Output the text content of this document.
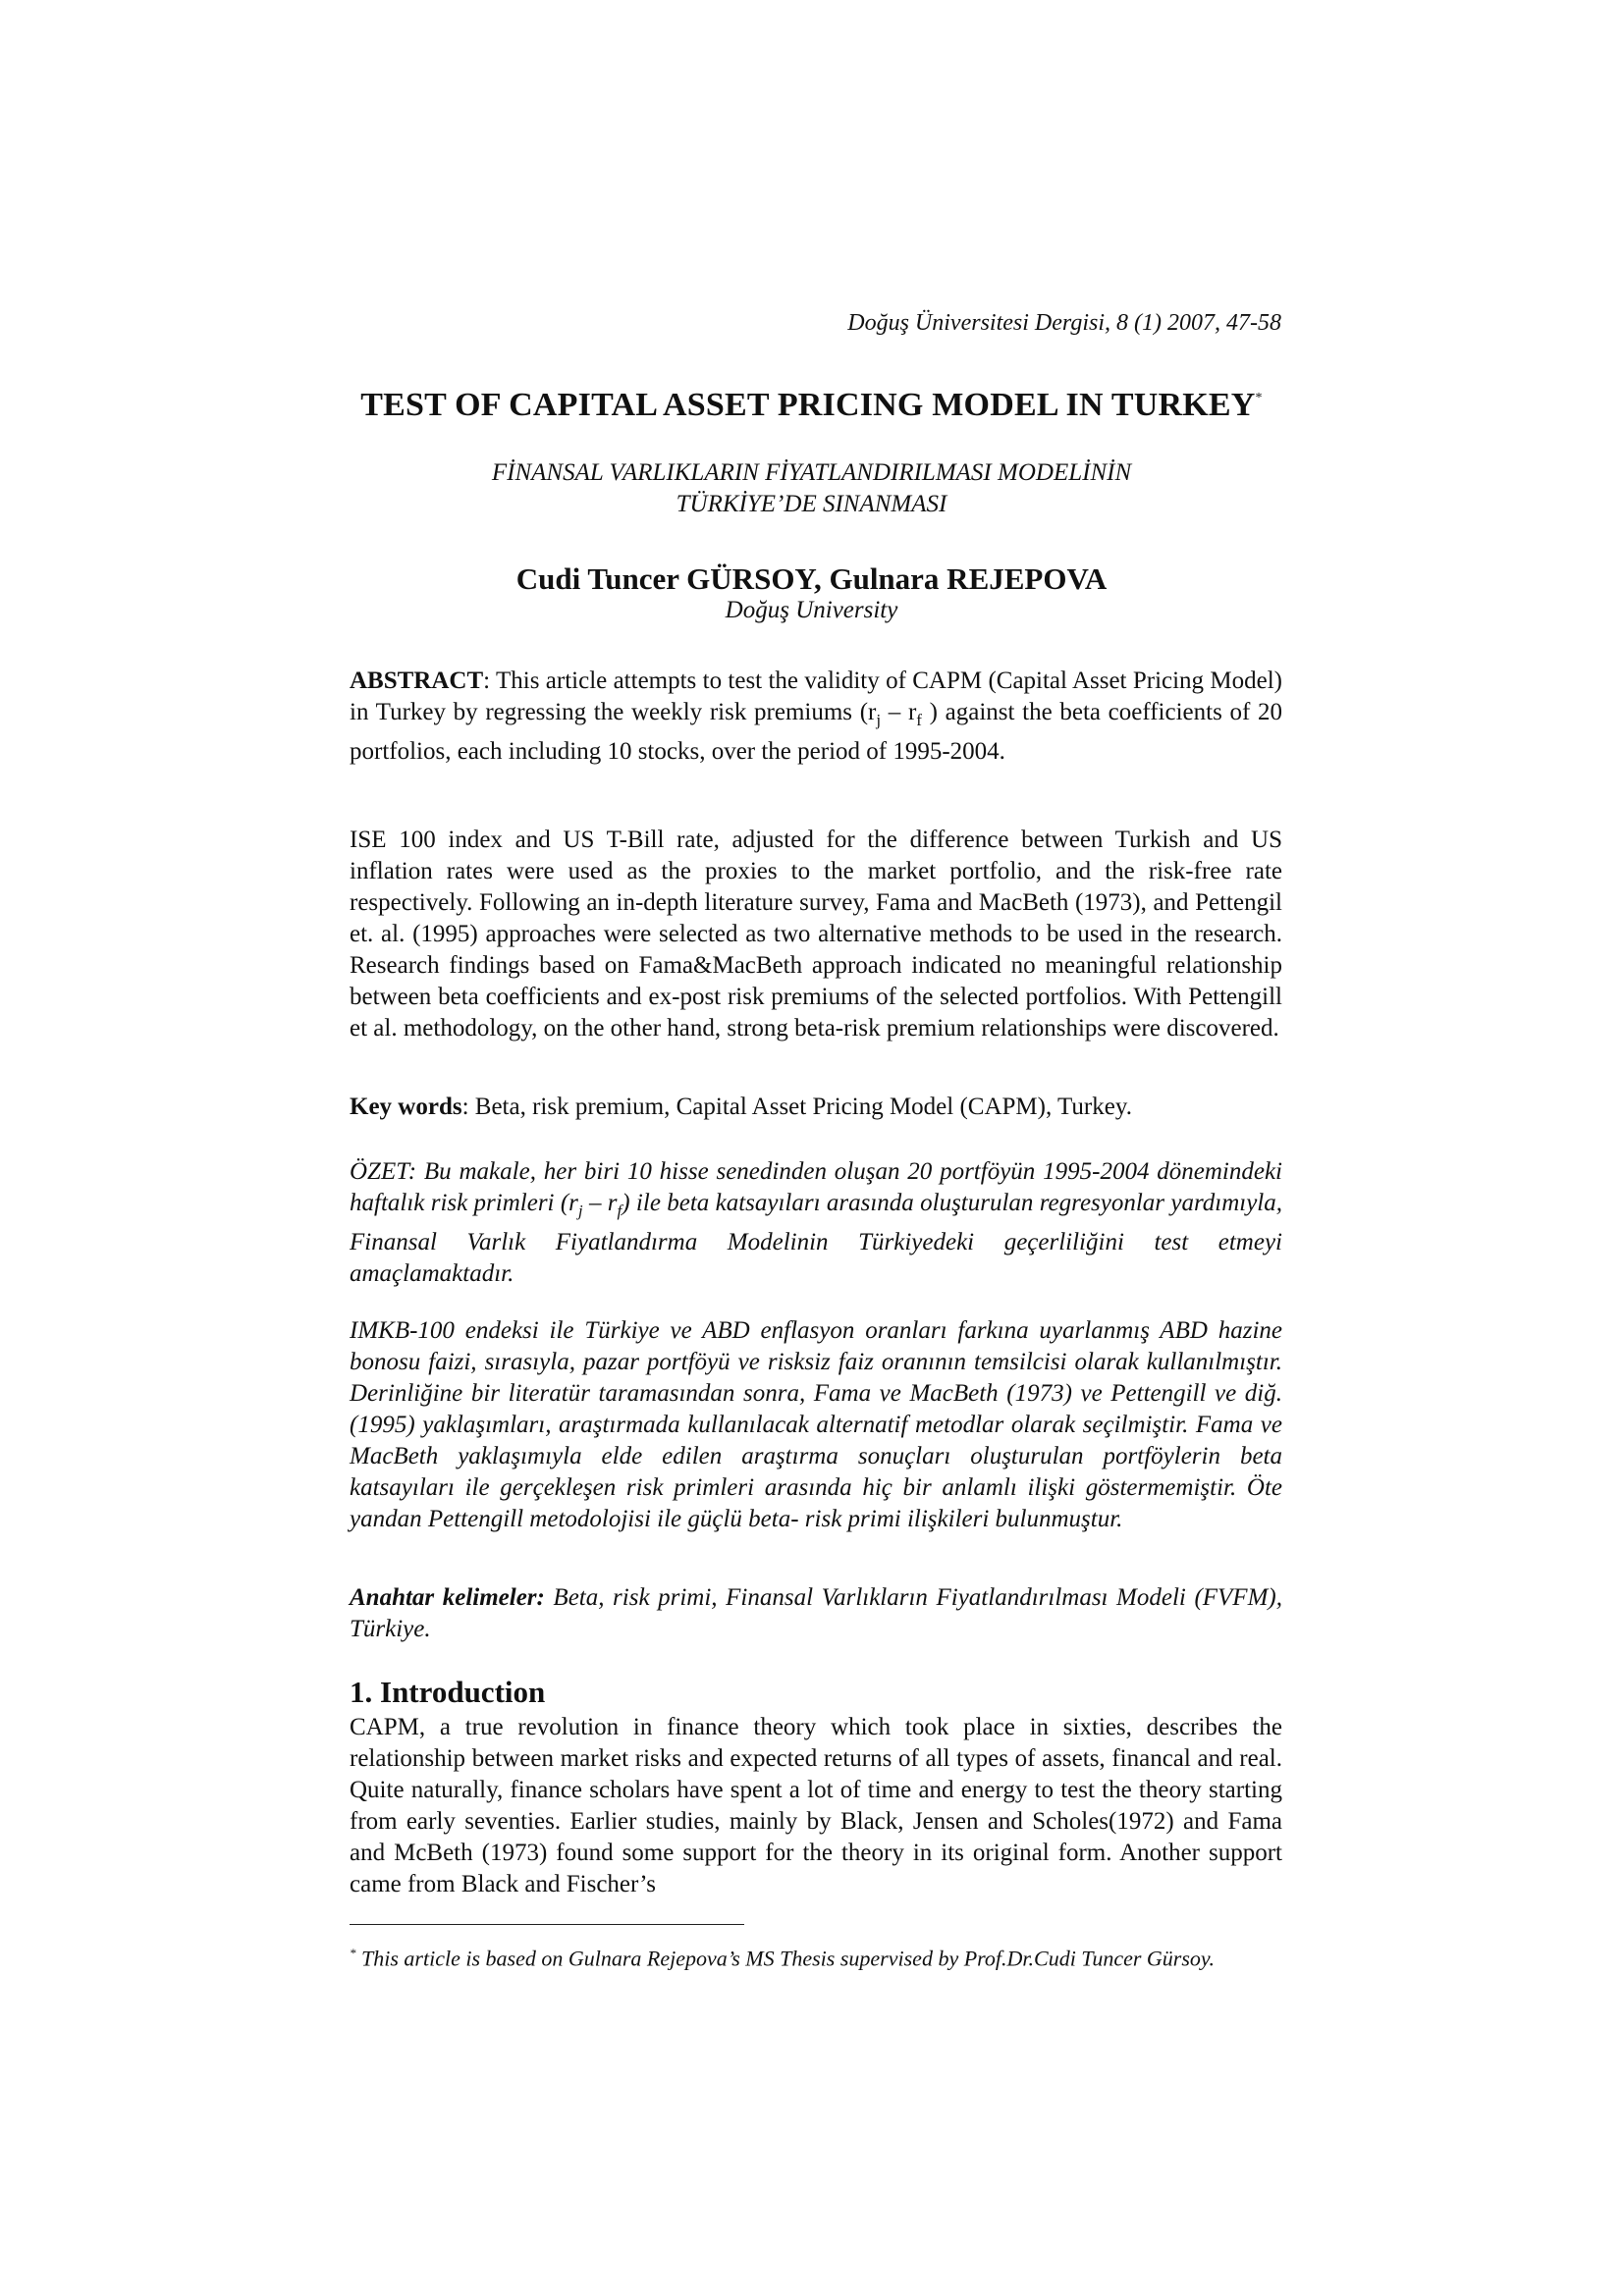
Doğuş Üniversitesi Dergisi, 8 (1) 2007, 47-58
TEST OF CAPITAL ASSET PRICING MODEL IN TURKEY*
FİNANSAL VARLIKLARIN FİYATLANDIRILMASI MODELİNİN
TÜRKİYE’DE SINANMASI
Cudi Tuncer GÜRSOY, Gulnara REJEPOVA
Doğuş University

ABSTRACT: This article attempts to test the validity of CAPM (Capital Asset Pricing Model) in Turkey by regressing the weekly risk premiums ($r_j - r_f$ ) against the beta coefficients of 20 portfolios, each including 10 stocks, over the period of 1995-2004.

ISE 100 index and US T-Bill rate, adjusted for the difference between Turkish and US inflation rates were used as the proxies to the market portfolio, and the risk-free rate respectively. Following an in-depth literature survey, Fama and MacBeth (1973), and Pettengil et. al. (1995) approaches were selected as two alternative methods to be used in the research. Research findings based on Fama&MacBeth approach indicated no meaningful relationship between beta coefficients and ex-post risk premiums of the selected portfolios. With Pettengill et al. methodology, on the other hand, strong beta-risk premium relationships were discovered.

Key words: Beta, risk premium, Capital Asset Pricing Model (CAPM), Turkey.

ÖZET: Bu makale, her biri 10 hisse senedinden oluşan 20 portföyün 1995-2004 dönemindeki haftalık risk primleri $(r_j - r_f)$ ile beta katsayıları arasında oluşturulan regresyonlar yardımıyla, Finansal Varlık Fiyatlandırma Modelinin Türkiyedeki geçerliliğini test etmeyi amaçlamaktadır.

IMKB-100 endeksi ile Türkiye ve ABD enflasyon oranları farkına uyarlanmış ABD hazine bonosu faizi, sırasıyla, pazar portföyü ve risksiz faiz oranının temsilcisi olarak kullanılmıştır. Derinliğine bir literatür taramasından sonra, Fama ve MacBeth (1973) ve Pettengill ve diğ. (1995) yaklaşımları, araştırmada kullanılacak alternatif metodlar olarak seçilmiştir. Fama ve MacBeth yaklaşımıyla elde edilen araştırma sonuçları oluşturulan portföylerin beta katsayıları ile gerçekleşen risk primleri arasında hiç bir anlamlı ilişki göstermemiştir. Öte yandan Pettengill metodolojisi ile güçlü beta- risk primi ilişkileri bulunmuştur.

Anahtar kelimeler: Beta, risk primi, Finansal Varlıkların Fiyatlandırılması Modeli (FVFM), Türkiye.

1. Introduction

CAPM, a true revolution in finance theory which took place in sixties, describes the relationship between market risks and expected returns of all types of assets, financal and real. Quite naturally, finance scholars have spent a lot of time and energy to test the theory starting from early seventies. Earlier studies, mainly by Black, Jensen and Scholes(1972) and Fama and McBeth (1973) found some support for the theory in its original form. Another support came from Black and Fischer’s

* This article is based on Gulnara Rejepova’s MS Thesis supervised by Prof.Dr.Cudi Tuncer Gürsoy.
